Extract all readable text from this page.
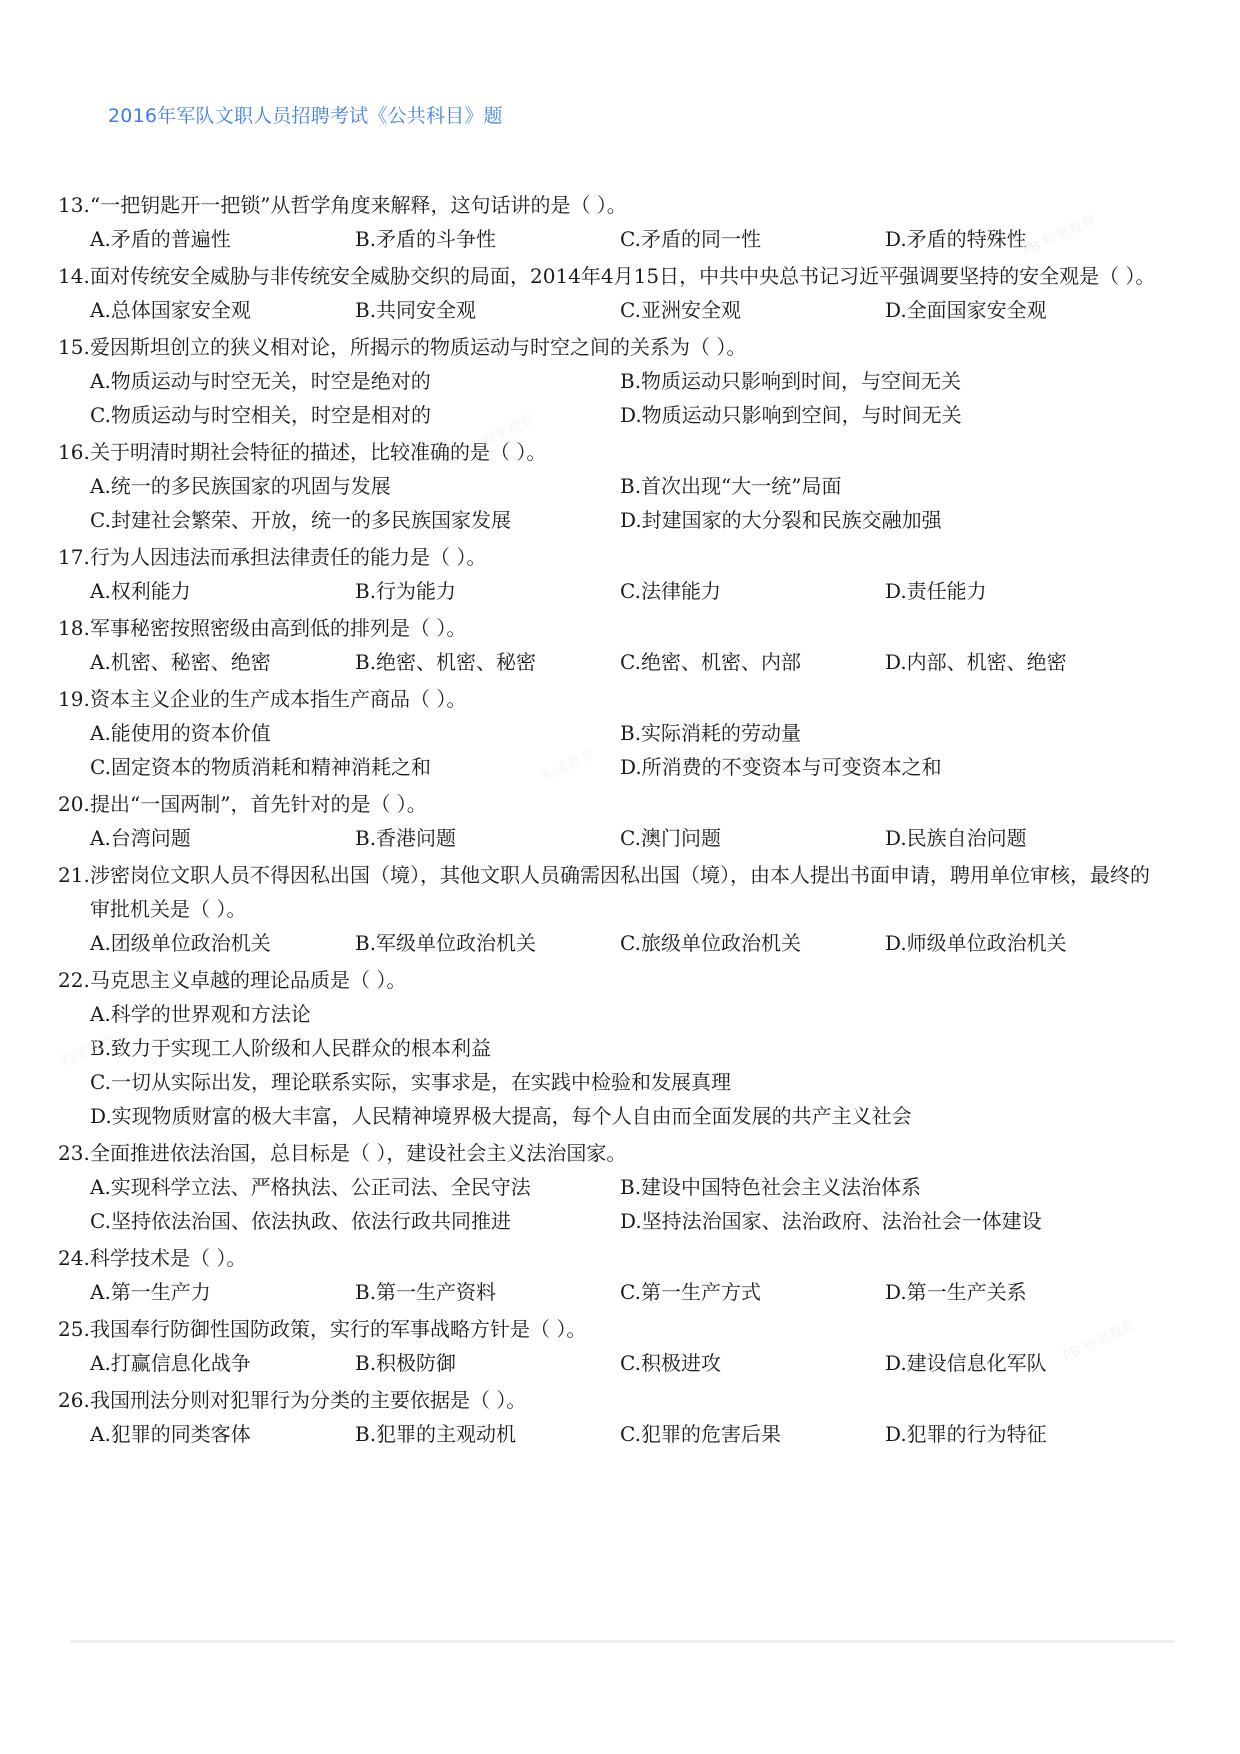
2016年军队文职人员招聘考试《公共科目》题
13. “一把钥匙开一把锁”从哲学角度来解释，这句话讲的是（ ）。
A.矛盾的普遍性	B.矛盾的斗争性	C.矛盾的同一性	D.矛盾的特殊性
14. 面对传统安全威胁与非传统安全威胁交织的局面，2014年4月15日，中共中央总书记习近平强调要坚持的安全观是（ ）。
A.总体国家安全观	B.共同安全观	C.亚洲安全观	D.全面国家安全观
15. 爱因斯坦创立的狭义相对论，所揭示的物质运动与时空之间的关系为（ ）。
A.物质运动与时空无关，时空是绝对的	B.物质运动只影响到时间，与空间无关
C.物质运动与时空相关，时空是相对的	D.物质运动只影响到空间，与时间无关
16. 关于明清时期社会特征的描述，比较准确的是（ ）。
A.统一的多民族国家的巩固与发展	B.首次出现“大一统”局面
C.封建社会繁荣、开放，统一的多民族国家发展	D.封建国家的大分裂和民族交融加强
17. 行为人因违法而承担法律责任的能力是（ ）。
A.权利能力	B.行为能力	C.法律能力	D.责任能力
18. 军事秘密按照密级由高到低的排列是（ ）。
A.机密、秘密、绝密	B.绝密、机密、秘密	C.绝密、机密、内部	D.内部、机密、绝密
19. 资本主义企业的生产成本指生产商品（ ）。
A.能使用的资本价值	B.实际消耗的劳动量
C.固定资本的物质消耗和精神消耗之和	D.所消费的不变资本与可变资本之和
20. 提出“一国两制”，首先针对的是（ ）。
A.台湾问题	B.香港问题	C.澳门问题	D.民族自治问题
21. 涉密岗位文职人员不得因私出国（境），其他文职人员确需因私出国（境），由本人提出书面申请，聘用单位审核，最终的审批机关是（ ）。
A.团级单位政治机关	B.军级单位政治机关	C.旅级单位政治机关	D.师级单位政治机关
22. 马克思主义卓越的理论品质是（ ）。
A.科学的世界观和方法论
B.致力于实现工人阶级和人民群众的根本利益
C.一切从实际出发，理论联系实际，实事求是，在实践中检验和发展真理
D.实现物质财富的极大丰富，人民精神境界极大提高，每个人自由而全面发展的共产主义社会
23. 全面推进依法治国，总目标是（ ），建设社会主义法治国家。
A.实现科学立法、严格执法、公正司法、全民守法	B.建设中国特色社会主义法治体系
C.坚持依法治国、依法执政、依法行政共同推进	D.坚持法治国家、法治政府、法治社会一体建设
24. 科学技术是（ ）。
A.第一生产力	B.第一生产资料	C.第一生产方式	D.第一生产关系
25. 我国奉行防御性国防政策，实行的军事战略方针是（ ）。
A.打赢信息化战争	B.积极防御	C.积极进攻	D.建设信息化军队
26. 我国刑法分则对犯罪行为分类的主要依据是（ ）。
A.犯罪的同类客体	B.犯罪的主观动机	C.犯罪的危害后果	D.犯罪的行为特征
FB 粉笔教育
粉笔教育
粉笔教育
粉笔教育
FB 粉笔教育
